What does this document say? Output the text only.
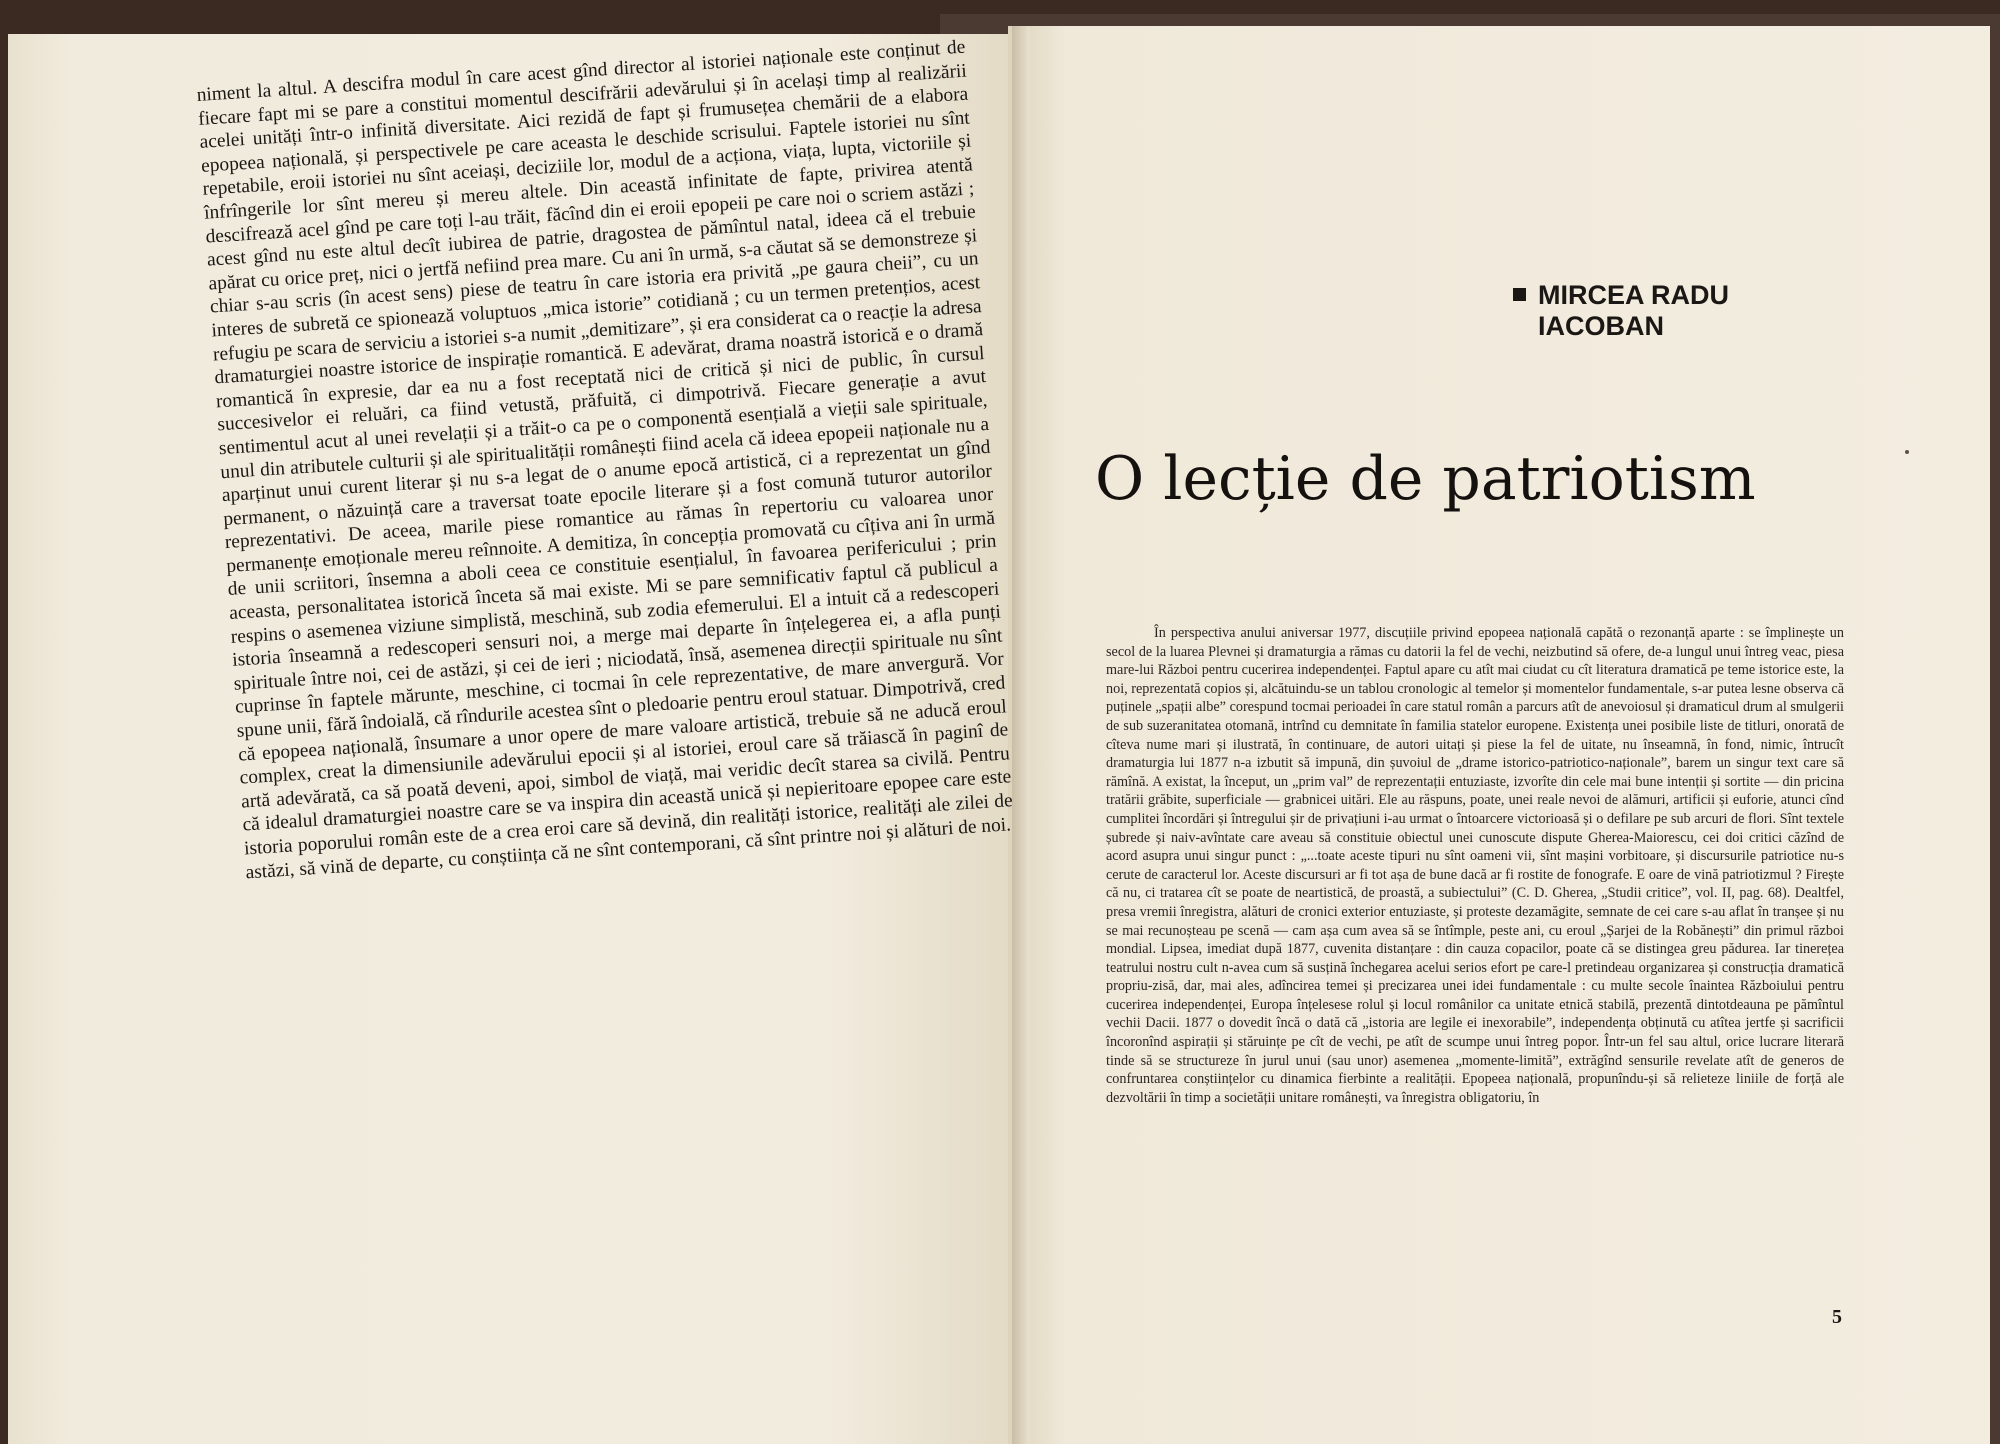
niment la altul. A descifra modul în care acest gînd director al istoriei naționale este conținut de fiecare fapt mi se pare a constitui momentul descifrării adevărului și în același timp al realizării acelei unități într-o infinită diversitate. Aici rezidă de fapt și frumusețea chemării de a elabora epopeea națională, și perspectivele pe care aceasta le deschide scrisului. Faptele istoriei nu sînt repetabile, eroii istoriei nu sînt aceiași, deciziile lor, modul de a acționa, viața, lupta, victoriile și înfrîngerile lor sînt mereu și mereu altele. Din această infinitate de fapte, privirea atentă descifrează acel gînd pe care toți l-au trăit, făcînd din ei eroii epopeii pe care noi o scriem astăzi ; acest gînd nu este altul decît iubirea de patrie, dragostea de pămîntul natal, ideea că el trebuie apărat cu orice preț, nici o jertfă nefiind prea mare. Cu ani în urmă, s-a căutat să se demonstreze și chiar s-au scris (în acest sens) piese de teatru în care istoria era privită „pe gaura cheii”, cu un interes de subretă ce spionează voluptuos „mica istorie” cotidiană ; cu un termen pretențios, acest refugiu pe scara de serviciu a istoriei s-a numit „demitizare”, și era considerat ca o reacție la adresa dramaturgiei noastre istorice de inspirație romantică. E adevărat, drama noastră istorică e o dramă romantică în expresie, dar ea nu a fost receptată nici de critică și nici de public, în cursul succesivelor ei reluări, ca fiind vetustă, prăfuită, ci dimpotrivă. Fiecare generație a avut sentimentul acut al unei revelații și a trăit-o ca pe o componentă esențială a vieții sale spirituale, unul din atributele culturii și ale spiritualității românești fiind acela că ideea epopeii naționale nu a aparținut unui curent literar și nu s-a legat de o anume epocă artistică, ci a reprezentat un gînd permanent, o năzuință care a traversat toate epocile literare și a fost comună tuturor autorilor reprezentativi. De aceea, marile piese romantice au rămas în repertoriu cu valoarea unor permanențe emoționale mereu reînnoite. A demitiza, în concepția promovată cu cîțiva ani în urmă de unii scriitori, însemna a aboli ceea ce constituie esențialul, în favoarea perifericului ; prin aceasta, personalitatea istorică înceta să mai existe. Mi se pare semnificativ faptul că publicul a respins o asemenea viziune simplistă, meschină, sub zodia efemerului. El a intuit că a redescoperi istoria înseamnă a redescoperi sensuri noi, a merge mai departe în înțelegerea ei, a afla punți spirituale între noi, cei de astăzi, și cei de ieri ; niciodată, însă, asemenea direcții spirituale nu sînt cuprinse în faptele mărunte, meschine, ci tocmai în cele reprezentative, de mare anvergură. Vor spune unii, fără îndoială, că rîndurile acestea sînt o pledoarie pentru eroul statuar. Dimpotrivă, cred că epopeea națională, însumare a unor opere de mare valoare artistică, trebuie să ne aducă eroul complex, creat la dimensiunile adevărului epocii și al istoriei, eroul care să trăiască în paginî de artă adevărată, ca să poată deveni, apoi, simbol de viață, mai veridic decît starea sa civilă. Pentru că idealul dramaturgiei noastre care se va inspira din această unică și nepieritoare epopee care este istoria poporului român este de a crea eroi care să devină, din realități istorice, realități ale zilei de astăzi, să vină de departe, cu conștiința că ne sînt contemporani, că sînt printre noi și alături de noi.

MIRCEA RADU
IACOBAN
O lecție de patriotism

În perspectiva anului aniversar 1977, discuțiile privind epopeea națională capătă o rezonanță aparte : se împlinește un secol de la luarea Plevnei și dramaturgia a rămas cu datorii la fel de vechi, neizbutind să ofere, de-a lungul unui întreg veac, piesa mare-lui Război pentru cucerirea independenței. Faptul apare cu atît mai ciudat cu cît literatura dramatică pe teme istorice este, la noi, reprezentată copios și, alcătuindu-se un tablou cronologic al temelor și momentelor fundamentale, s-ar putea lesne observa că puținele „spații albe” corespund tocmai perioadei în care statul român a parcurs atît de anevoiosul și dramaticul drum al smulgerii de sub suzeranitatea otomană, intrînd cu demnitate în familia statelor europene. Existența unei posibile liste de titluri, onorată de cîteva nume mari și ilustrată, în continuare, de autori uitați și piese la fel de uitate, nu înseamnă, în fond, nimic, întrucît dramaturgia lui 1877 n-a izbutit să impună, din șuvoiul de „drame istorico-patriotico-naționale”, barem un singur text care să rămînă. A existat, la început, un „prim val” de reprezentații entuziaste, izvorîte din cele mai bune intenții și sortite — din pricina tratării grăbite, superficiale — grabnicei uitări. Ele au răspuns, poate, unei reale nevoi de alămuri, artificii și euforie, atunci cînd cumplitei încordări și întregului șir de privațiuni i-au urmat o întoarcere victorioasă și o defilare pe sub arcuri de flori. Sînt textele șubrede și naiv-avîntate care aveau să constituie obiectul unei cunoscute dispute Gherea-Maiorescu, cei doi critici căzînd de acord asupra unui singur punct : „...toate aceste tipuri nu sînt oameni vii, sînt mașini vorbitoare, și discursurile patriotice nu-s cerute de caracterul lor. Aceste discursuri ar fi tot așa de bune dacă ar fi rostite de fonografe. E oare de vină patriotizmul ? Firește că nu, ci tratarea cît se poate de neartistică, de proastă, a subiectului” (C. D. Gherea, „Studii critice”, vol. II, pag. 68). Dealtfel, presa vremii înregistra, alături de cronici exterior entuziaste, și proteste dezamăgite, semnate de cei care s-au aflat în tranșee și nu se mai recunoșteau pe scenă — cam așa cum avea să se întîmple, peste ani, cu eroul „Șarjei de la Robănești” din primul război mondial. Lipsea, imediat după 1877, cuvenita distanțare : din cauza copacilor, poate că se distingea greu pădurea. Iar tinerețea teatrului nostru cult n-avea cum să susțină închegarea acelui serios efort pe care-l pretindeau organizarea și construcția dramatică propriu-zisă, dar, mai ales, adîncirea temei și precizarea unei idei fundamentale : cu multe secole înaintea Războiului pentru cucerirea independenței, Europa înțelesese rolul și locul românilor ca unitate etnică stabilă, prezentă dintotdeauna pe pămîntul vechii Dacii. 1877 o dovedit încă o dată că „istoria are legile ei inexorabile”, independența obținută cu atîtea jertfe și sacrificii încoronînd aspirații și stăruințe pe cît de vechi, pe atît de scumpe unui întreg popor. Într-un fel sau altul, orice lucrare literară tinde să se structureze în jurul unui (sau unor) asemenea „momente-limită”, extrăgînd sensurile revelate atît de generos de confruntarea conștiințelor cu dinamica fierbinte a realității. Epopeea națională, propunîndu-și să relieteze liniile de forță ale dezvoltării în timp a societății unitare românești, va înregistra obligatoriu, în

5
